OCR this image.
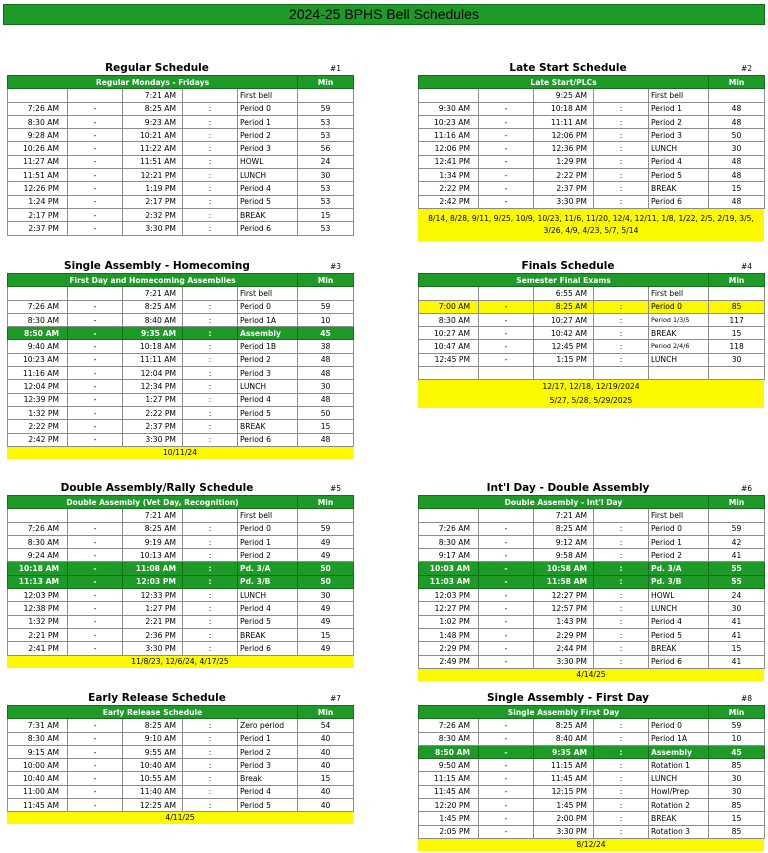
2024-25 BPHS Bell Schedules
Regular Schedule	#1
Regular Mondays - Fridays					Min
		7:21 AM		First bell	
7:26 AM	-	8:25 AM	:	Period 0	59
8:30 AM	-	9:23 AM	:	Period 1	53
9:28 AM	-	10:21 AM	:	Period 2	53
10:26 AM	-	11:22 AM	:	Period 3	56
11:27 AM	-	11:51 AM	:	HOWL	24
11:51 AM	-	12:21 PM	:	LUNCH	30
12:26 PM	-	1:19 PM	:	Period 4	53
1:24 PM	-	2:17 PM	:	Period 5	53
2:17 PM	-	2:32 PM	:	BREAK	15
2:37 PM	-	3:30 PM	:	Period 6	53
Late Start Schedule	#2
Late Start/PLCs					Min
		9:25 AM		First bell	
9:30 AM	-	10:18 AM	:	Period 1	48
10:23 AM	-	11:11 AM	:	Period 2	48
11:16 AM	-	12:06 PM	:	Period 3	50
12:06 PM	-	12:36 PM	:	LUNCH	30
12:41 PM	-	1:29 PM	:	Period 4	48
1:34 PM	-	2:22 PM	:	Period 5	48
2:22 PM	-	2:37 PM	:	BREAK	15
2:42 PM	-	3:30 PM	:	Period 6	48
8/14, 8/28, 9/11, 9/25, 10/9, 10/23, 11/6, 11/20, 12/4, 12/11, 1/8, 1/22, 2/5, 2/19, 3/5, 3/26, 4/9, 4/23, 5/7, 5/14
Single Assembly - Homecoming	#3
First Day and Homecoming Assemblies					Min
		7:21 AM		First bell	
7:26 AM	-	8:25 AM	:	Period 0	59
8:30 AM	-	8:40 AM	:	Period 1A	10
8:50 AM	-	9:35 AM	:	Assembly	45
9:40 AM	-	10:18 AM	:	Period 1B	38
10:23 AM	-	11:11 AM	:	Period 2	48
11:16 AM	-	12:04 PM	:	Period 3	48
12:04 PM	-	12:34 PM	:	LUNCH	30
12:39 PM	-	1:27 PM	:	Period 4	48
1:32 PM	-	2:22 PM	:	Period 5	50
2:22 PM	-	2:37 PM	:	BREAK	15
2:42 PM	-	3:30 PM	:	Period 6	48
10/11/24
Finals Schedule	#4
Semester Final Exams					Min
		6:55 AM		First bell	
7:00 AM	-	8:25 AM	:	Period 0	85
8:30 AM	-	10:27 AM	:	Period 1/3/5	117
10:27 AM	-	10:42 AM	:	BREAK	15
10:47 AM	-	12:45 PM	:	Period 2/4/6	118
12:45 PM	-	1:15 PM	:	LUNCH	30

12/17, 12/18, 12/19/2024
5/27, 5/28, 5/29/2025
Double Assembly/Rally Schedule	#5
Double Assembly (Vet Day, Recognition)					Min
		7:21 AM		First bell	
7:26 AM	-	8:25 AM	:	Period 0	59
8:30 AM	-	9:19 AM	:	Period 1	49
9:24 AM	-	10:13 AM	:	Period 2	49
10:18 AM	-	11:08 AM	:	Pd. 3/A	50
11:13 AM	-	12:03 PM	:	Pd. 3/B	50
12:03 PM	-	12:33 PM	:	LUNCH	30
12:38 PM	-	1:27 PM	:	Period 4	49
1:32 PM	-	2:21 PM	:	Period 5	49
2:21 PM	-	2:36 PM	:	BREAK	15
2:41 PM	-	3:30 PM	:	Period 6	49
11/8/23, 12/6/24, 4/17/25
Int'l Day - Double Assembly	#6
Double Assembly - Int'l Day					Min
		7:21 AM		First bell	
7:26 AM	-	8:25 AM	:	Period 0	59
8:30 AM	-	9:12 AM	:	Period 1	42
9:17 AM	-	9:58 AM	:	Period 2	41
10:03 AM	-	10:58 AM	:	Pd. 3/A	55
11:03 AM	-	11:58 AM	:	Pd. 3/B	55
12:03 PM	-	12:27 PM	:	HOWL	24
12:27 PM	-	12:57 PM	:	LUNCH	30
1:02 PM	-	1:43 PM	:	Period 4	41
1:48 PM	-	2:29 PM	:	Period 5	41
2:29 PM	-	2:44 PM	:	BREAK	15
2:49 PM	-	3:30 PM	:	Period 6	41
4/14/25
Early Release Schedule	#7
Early Release Schedule					Min
7:31 AM	-	8:25 AM	:	Zero period	54
8:30 AM	-	9:10 AM	:	Period 1	40
9:15 AM	-	9:55 AM	:	Period 2	40
10:00 AM	-	10:40 AM	:	Period 3	40
10:40 AM	-	10:55 AM	:	Break	15
11:00 AM	-	11:40 AM	:	Period 4	40
11:45 AM	-	12:25 AM	:	Period 5	40
4/11/25
Single Assembly - First Day	#8
Single Assembly First Day					Min
7:26 AM	-	8:25 AM	:	Period 0	59
8:30 AM	-	8:40 AM	:	Period 1A	10
8:50 AM	-	9:35 AM	:	Assembly	45
9:50 AM	-	11:15 AM	:	Rotation 1	85
11:15 AM	-	11:45 AM	:	LUNCH	30
11:45 AM	-	12:15 PM	:	Howl/Prep	30
12:20 PM	-	1:45 PM	:	Rotation 2	85
1:45 PM	-	2:00 PM	:	BREAK	15
2:05 PM	-	3:30 PM	:	Rotation 3	85
8/12/24
